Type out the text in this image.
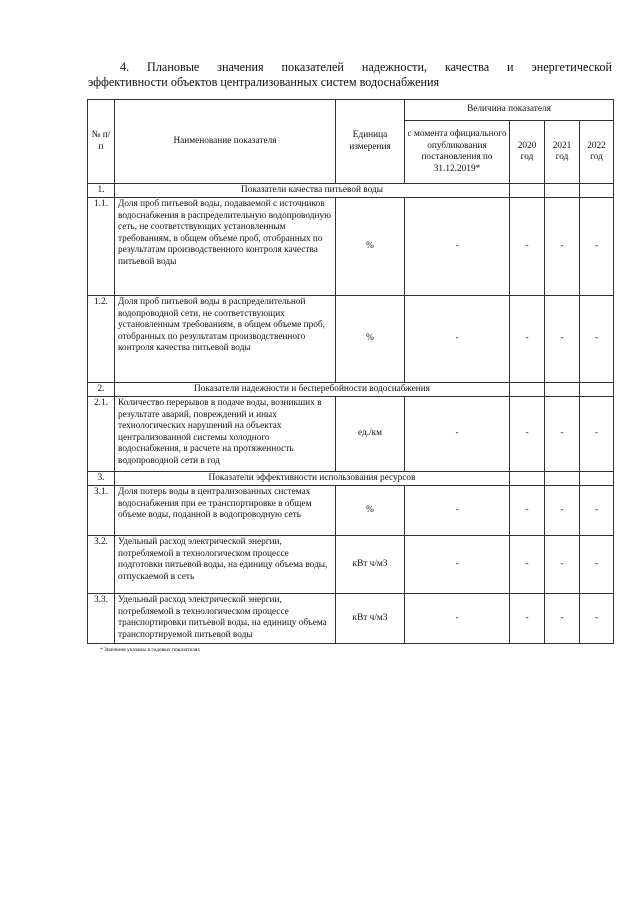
4. Плановые значения показателей надежности, качества и энергетической
эффективности объектов централизованных систем водоснабжения
№ п/п	Наименование показателя	Единица измерения	Величина показателя			
			с момента официального опубликования постановления по 31.12.2019*	2020 год	2021 год	2022 год
1.	Показатели качества питьевой воды					
1.1.	Доля проб питьевой воды, подаваемой с источников водоснабжения в распределительную водопроводную сеть, не соответствующих установленным требованиям, в общем объеме проб, отобранных по результатам производственного контроля качества питьевой воды	%	-	-	-	-
1.2.	Доля проб питьевой воды в распределительной водопроводной сети, не соответствующих установленным требованиям, в общем объеме проб, отобранных по результатам производственного контроля качества питьевой воды	%	-	-	-	-
2.	Показатели надежности и бесперебойности водоснабжения					
2.1.	Количество перерывов в подаче воды, возникших в результате аварий, повреждений и иных технологических нарушений на объектах централизованной системы холодного водоснабжения, в расчете на протяженность водопроводной сети в год	ед./км	-	-	-	-
3.	Показатели эффективности использования ресурсов					
3.1.	Доля потерь воды в централизованных системах водоснабжения при ее транспортировке в общем объеме воды, поданной в водопроводную сеть	%	-	-	-	-
3.2.	Удельный расход электрической энергии, потребляемой в технологическом процессе подготовки питьевой воды, на единицу объема воды, отпускаемой в сеть	кВт ч/м3	-	-	-	-
3.3.	Удельный расход электрической энергии, потребляемой в технологическом процессе транспортировки питьевой воды, на единицу объема транспортируемой питьевой воды	кВт ч/м3	-	-	-	-
* Значения указаны в годовых показателях
